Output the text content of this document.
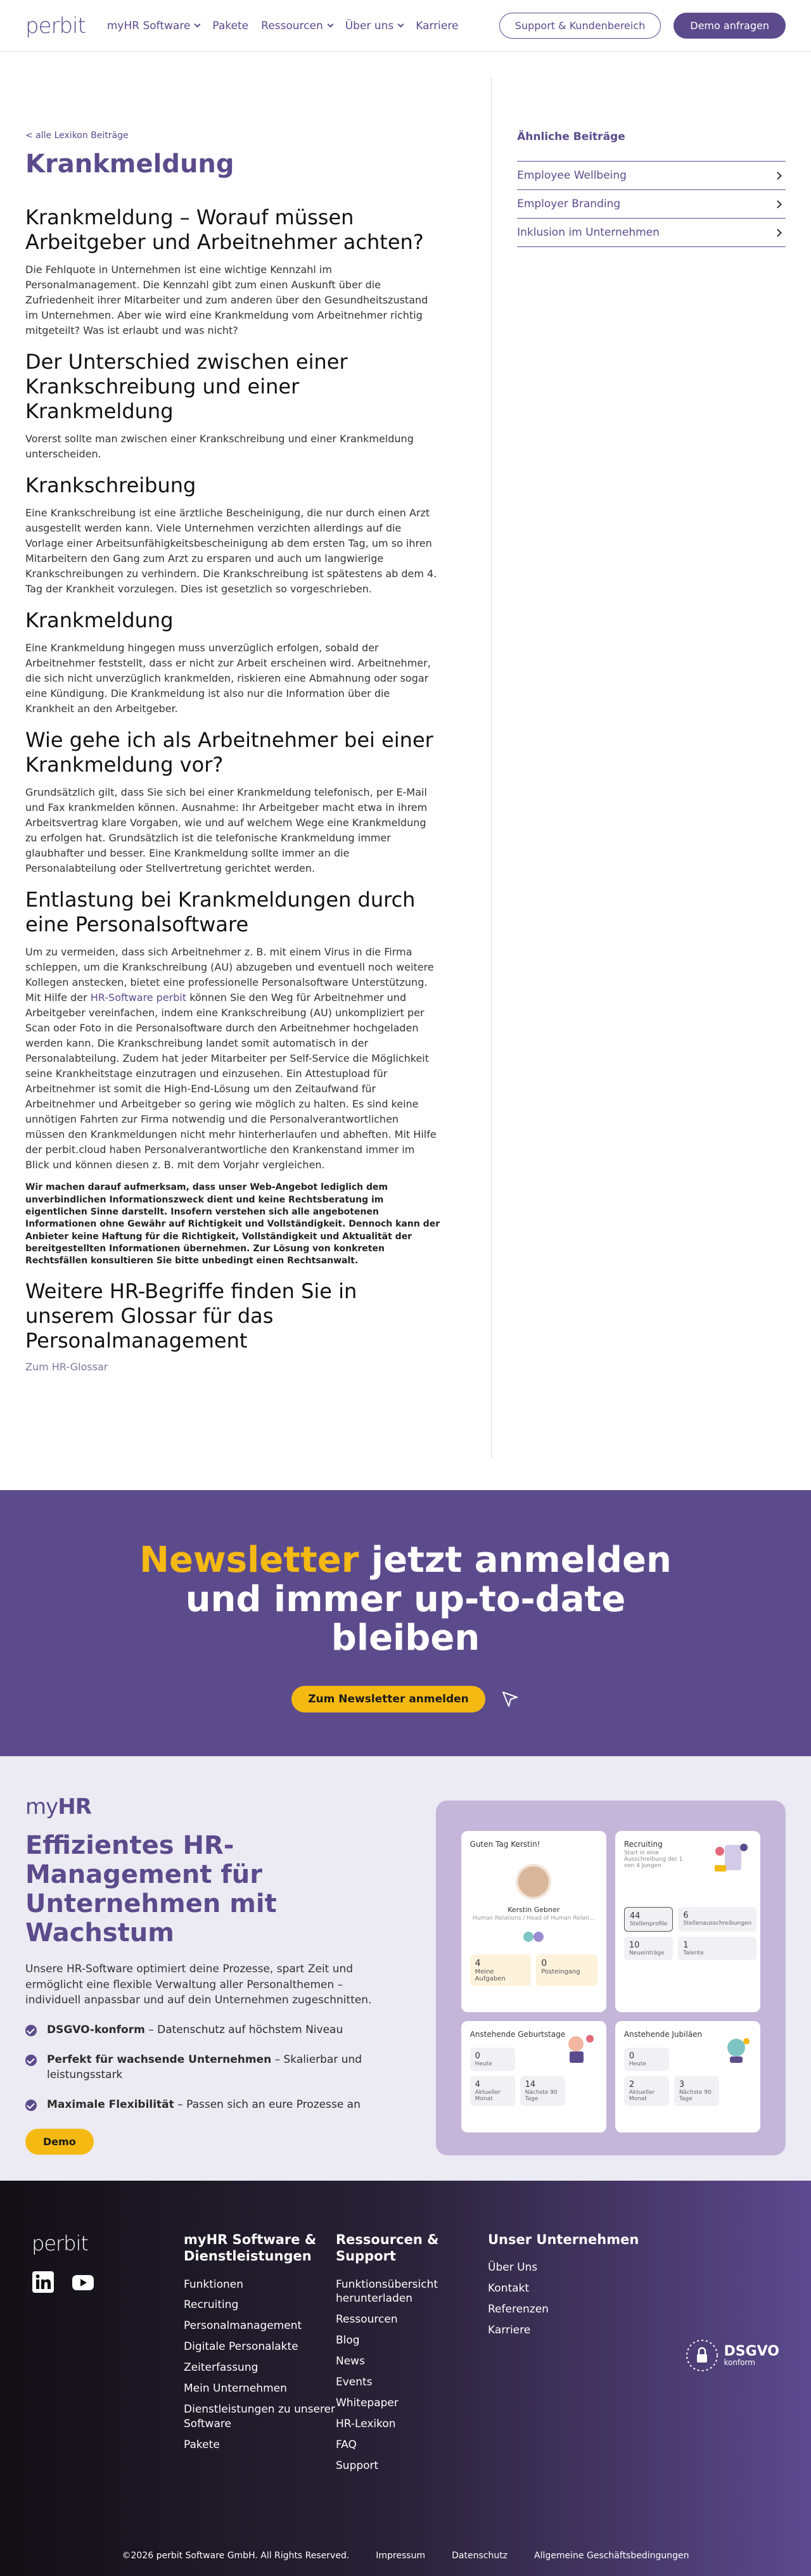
perbit myHR Software Pakete Ressourcen Über uns Karriere	Support & Kundenbereich	Demo anfragen
< alle Lexikon Beiträge
Krankmeldung
Krankmeldung – Worauf müssen Arbeitgeber und Arbeitnehmer achten?

Die Fehlquote in Unternehmen ist eine wichtige Kennzahl im Personalmanagement. Die Kennzahl gibt zum einen Auskunft über die Zufriedenheit ihrer Mitarbeiter und zum anderen über den Gesundheitszustand im Unternehmen. Aber wie wird eine Krankmeldung vom Arbeitnehmer richtig mitgeteilt? Was ist erlaubt und was nicht?

Der Unterschied zwischen einer Krankschreibung und einer Krankmeldung

Vorerst sollte man zwischen einer Krankschreibung und einer Krankmeldung unterscheiden.

Krankschreibung

Eine Krankschreibung ist eine ärztliche Bescheinigung, die nur durch einen Arzt ausgestellt werden kann. Viele Unternehmen verzichten allerdings auf die Vorlage einer Arbeitsunfähigkeitsbescheinigung ab dem ersten Tag, um so ihren Mitarbeitern den Gang zum Arzt zu ersparen und auch um langwierige Krankschreibungen zu verhindern. Die Krankschreibung ist spätestens ab dem 4. Tag der Krankheit vorzulegen. Dies ist gesetzlich so vorgeschrieben.

Krankmeldung

Eine Krankmeldung hingegen muss unverzüglich erfolgen, sobald der Arbeitnehmer feststellt, dass er nicht zur Arbeit erscheinen wird. Arbeitnehmer, die sich nicht unverzüglich krankmelden, riskieren eine Abmahnung oder sogar eine Kündigung. Die Krankmeldung ist also nur die Information über die Krankheit an den Arbeitgeber.

Wie gehe ich als Arbeitnehmer bei einer Krankmeldung vor?

Grundsätzlich gilt, dass Sie sich bei einer Krankmeldung telefonisch, per E-Mail und Fax krankmelden können. Ausnahme: Ihr Arbeitgeber macht etwa in ihrem Arbeitsvertrag klare Vorgaben, wie und auf welchem Wege eine Krankmeldung zu erfolgen hat. Grundsätzlich ist die telefonische Krankmeldung immer glaubhafter und besser. Eine Krankmeldung sollte immer an die Personalabteilung oder Stellvertretung gerichtet werden.

Entlastung bei Krankmeldungen durch eine Personalsoftware

Um zu vermeiden, dass sich Arbeitnehmer z. B. mit einem Virus in die Firma schleppen, um die Krankschreibung (AU) abzugeben und eventuell noch weitere Kollegen anstecken, bietet eine professionelle Personalsoftware Unterstützung. Mit Hilfe der HR-Software perbit können Sie den Weg für Arbeitnehmer und Arbeitgeber vereinfachen, indem eine Krankschreibung (AU) unkompliziert per Scan oder Foto in die Personalsoftware durch den Arbeitnehmer hochgeladen werden kann. Die Krankschreibung landet somit automatisch in der Personalabteilung. Zudem hat jeder Mitarbeiter per Self-Service die Möglichkeit seine Krankheitstage einzutragen und einzusehen. Ein Attestupload für Arbeitnehmer ist somit die High-End-Lösung um den Zeitaufwand für Arbeitnehmer und Arbeitgeber so gering wie möglich zu halten. Es sind keine unnötigen Fahrten zur Firma notwendig und die Personalverantwortlichen müssen den Krankmeldungen nicht mehr hinterherlaufen und abheften. Mit Hilfe der perbit.cloud haben Personalverantwortliche den Krankenstand immer im Blick und können diesen z. B. mit dem Vorjahr vergleichen.

Wir machen darauf aufmerksam, dass unser Web-Angebot lediglich dem unverbindlichen Informationszweck dient und keine Rechtsberatung im eigentlichen Sinne darstellt. Insofern verstehen sich alle angebotenen Informationen ohne Gewähr auf Richtigkeit und Vollständigkeit. Dennoch kann der Anbieter keine Haftung für die Richtigkeit, Vollständigkeit und Aktualität der bereitgestellten Informationen übernehmen. Zur Lösung von konkreten Rechtsfällen konsultieren Sie bitte unbedingt einen Rechtsanwalt.

Weitere HR-Begriffe finden Sie in unserem Glossar für das Personalmanagement
Zum HR-Glossar
Ähnliche Beiträge
Employee Wellbeing
Employer Branding
Inklusion im Unternehmen
Newsletter jetzt anmelden und immer up-to-date bleiben
Zum Newsletter anmelden
myHR
Effizientes HR-Management für Unternehmen mit Wachstum

Unsere HR-Software optimiert deine Prozesse, spart Zeit und ermöglicht eine flexible Verwaltung aller Personalthemen – individuell anpassbar und auf dein Unternehmen zugeschnitten.

DSGVO-konform – Datenschutz auf höchstem Niveau
Perfekt für wachsende Unternehmen – Skalierbar und leistungsstark
Maximale Flexibilität – Passen sich an eure Prozesse an
Demo
Guten Tag Kerstin!
Kerstin Gebner
Human Relations / Head of Human Relati...
4
Meine Aufgaben
0
Posteingang
Recruiting
Start in eine Ausschreibung der 1 von 4 Jungen
44
Stellenprofile
6
Stellenausschreibungen
10
Neueinträge
1
Talente
Anstehende Geburtstage
0
Heute
4
Aktueller Monat
14
Nächste 90 Tage
Anstehende Jubiläen
0
Heute
2
Aktueller Monat
3
Nächste 90 Tage
perbit	myHR Software & Dienstleistungen
Funktionen
Recruiting
Personalmanagement
Digitale Personalakte
Zeiterfassung
Mein Unternehmen
Dienstleistungen zu unserer Software
Pakete
Ressourcen & Support
Funktionsübersicht herunterladen
Ressourcen
Blog
News
Events
Whitepaper
HR-Lexikon
FAQ
Support
Unser Unternehmen
Über Uns
Kontakt
Referenzen
Karriere
DSGVO
konform
©2026 perbit Software GmbH. All Rights Reserved.	Impressum	Datenschutz	Allgemeine Geschäftsbedingungen
